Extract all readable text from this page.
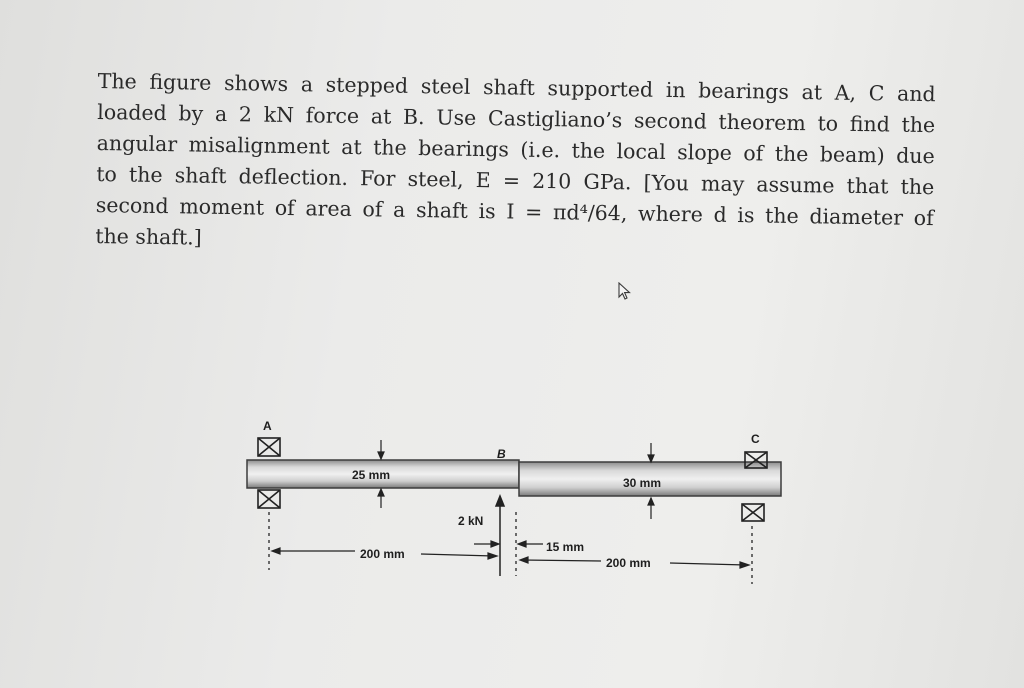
The figure shows a stepped steel shaft supported in bearings at A, C and
loaded by a 2 kN force at B. Use Castigliano’s second theorem to find the
angular misalignment at the bearings (i.e. the local slope of the beam) due
to the shaft deflection. For steel, E = 210 GPa. [You may assume that the
second moment of area of a shaft is I = πd⁴/64, where d is the diameter of
the shaft.]
A
C
B
25 mm
30 mm
2 kN
15 mm
200 mm
200 mm
